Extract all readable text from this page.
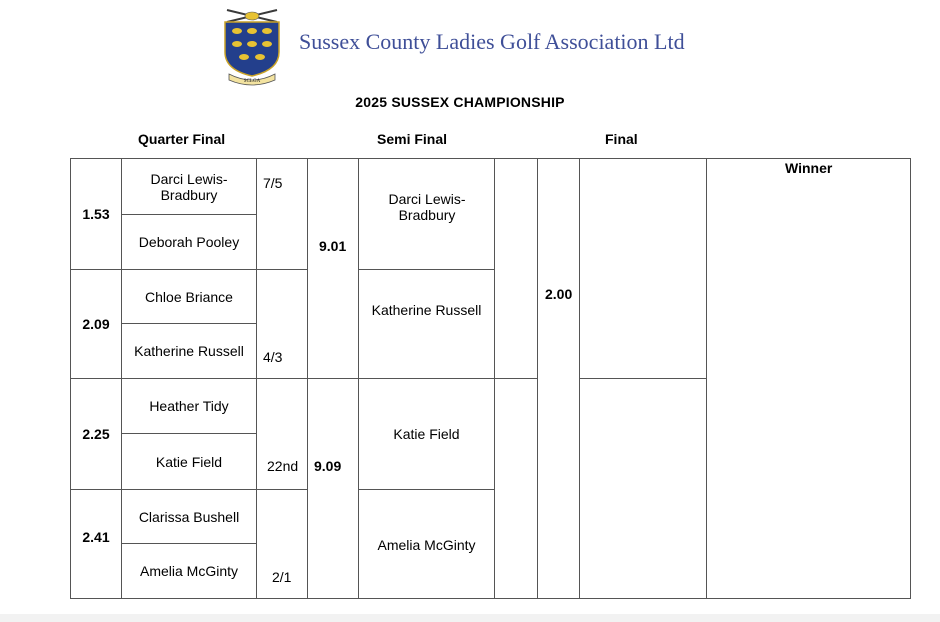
SCLGA
Sussex County Ladies Golf Association Ltd
2025 SUSSEX CHAMPIONSHIP
Quarter Final	Semi Final	Final
1.53
2.09
2.25
2.41
Darci Lewis-Bradbury
Deborah Pooley
Chloe Briance
Katherine Russell
Heather Tidy
Katie Field
Clarissa Bushell
Amelia McGinty
7/5
4/3
22nd
2/1
9.01
9.09
Darci Lewis-Bradbury
Katherine Russell
Katie Field
Amelia McGinty
2.00
Winner
